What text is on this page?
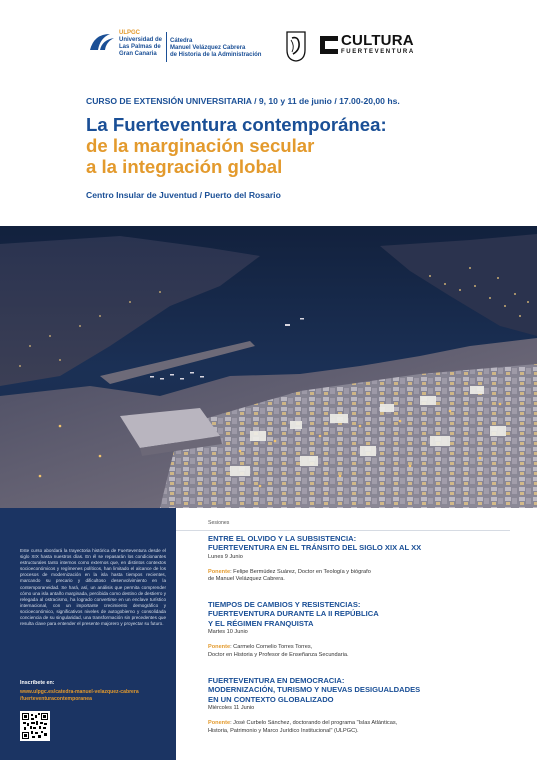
ULPGC
Universidad de
Las Palmas de
Gran Canaria
Cátedra
Manuel Velázquez Cabrera
de Historia de la Administración
CULTURA
FUERTEVENTURA
CURSO DE EXTENSIÓN UNIVERSITARIA / 9, 10 y 11 de junio / 17.00-20,00 hs.
La Fuerteventura contemporánea:
de la marginación secular
a la integración global
Centro Insular de Juventud / Puerto del Rosario

Este curso abordará la trayectoria histórica de Fuerteventura desde el siglo XIX hasta nuestros días. En él se repasarán los condicionantes estructurales tanto internos como externos que, en distintos contextos socioeconómicos y regímenes políticos, han limitado el alcance de los procesos de modernización en la isla hasta tiempos recientes, marcando su precario y dificultoso desenvolvimiento en la contemporaneidad. Se hará, así, un análisis que permita comprender cómo una isla antaño marginada, percibida como destino de destierro y relegada al ostracismo, ha logrado convertirse en un enclave turístico internacional, con un importante crecimiento demográfico y socioeconómico, significativos niveles de autogobierno y consolidada conciencia de su singularidad, una transformación sin precedentes que resulta clave para entender el presente majorero y proyectar su futuro.

Inscríbete en:
www.ulpgc.es/catedra-manuel-velazquez-cabrera
/fuerteventuracontemporanea
Sesiones
ENTRE EL OLVIDO Y LA SUBSISTENCIA:
FUERTEVENTURA EN EL TRÁNSITO DEL SIGLO XIX AL XX
Lunes 9 Junio
Ponente: Felipe Bermúdez Suárez, Doctor en Teología y biógrafo
de Manuel Velázquez Cabrera.
TIEMPOS DE CAMBIOS Y RESISTENCIAS:
FUERTEVENTURA DURANTE LA II REPÚBLICA
Y EL RÉGIMEN FRANQUISTA
Martes 10 Junio
Ponente: Carmelo Cornelio Torres Torres,
Doctor en Historia y Profesor de Enseñanza Secundaria.
FUERTEVENTURA EN DEMOCRACIA:
MODERNIZACIÓN, TURISMO Y NUEVAS DESIGUALDADES
EN UN CONTEXTO GLOBALIZADO
Miércoles 11 Junio
Ponente: José Curbelo Sánchez, doctorando del programa "Islas Atlánticas,
Historia, Patrimonio y Marco Jurídico Institucional" (ULPGC).
